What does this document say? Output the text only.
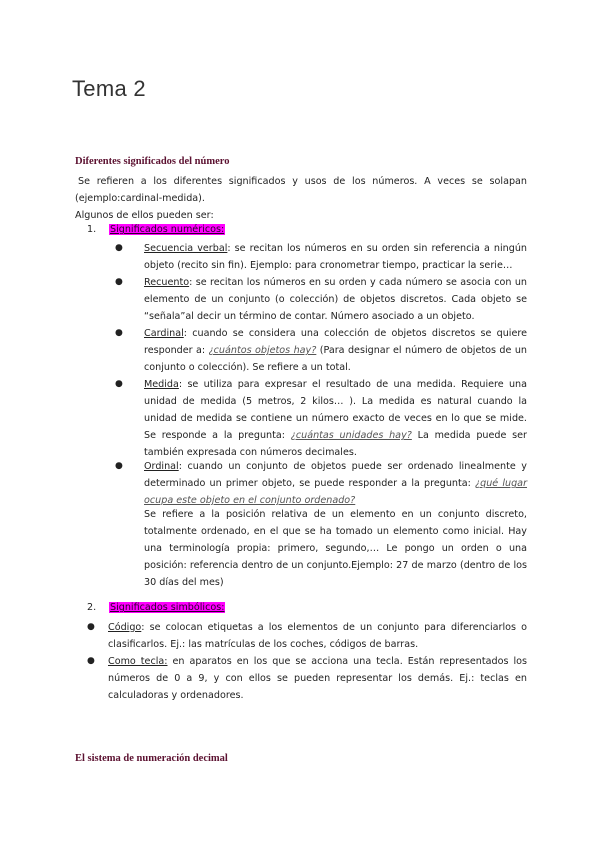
Tema 2
Diferentes significados del número
Se refieren a los diferentes significados y usos de los números. A veces se solapan (ejemplo:cardinal-medida).
Algunos de ellos pueden ser:
1. Significados numéricos:
● Secuencia verbal: se recitan los números en su orden sin referencia a ningún objeto (recito sin fin). Ejemplo: para cronometrar tiempo, practicar la serie…
● Recuento: se recitan los números en su orden y cada número se asocia con un elemento de un conjunto (o colección) de objetos discretos. Cada objeto se “señala”al decir un término de contar. Número asociado a un objeto.
● Cardinal: cuando se considera una colección de objetos discretos se quiere responder a: ¿cuántos objetos hay? (Para designar el número de objetos de un conjunto o colección). Se refiere a un total.
● Medida: se utiliza para expresar el resultado de una medida. Requiere una unidad de medida (5 metros, 2 kilos… ). La medida es natural cuando la unidad de medida se contiene un número exacto de veces en lo que se mide. Se responde a la pregunta: ¿cuántas unidades hay? La medida puede ser también expresada con números decimales.
● Ordinal: cuando un conjunto de objetos puede ser ordenado linealmente y determinado un primer objeto, se puede responder a la pregunta: ¿qué lugar ocupa este objeto en el conjunto ordenado?
Se refiere a la posición relativa de un elemento en un conjunto discreto, totalmente ordenado, en el que se ha tomado un elemento como inicial. Hay una terminología propia: primero, segundo,… Le pongo un orden o una posición: referencia dentro de un conjunto.Ejemplo: 27 de marzo (dentro de los 30 días del mes)
2. Significados simbólicos:
● Código: se colocan etiquetas a los elementos de un conjunto para diferenciarlos o clasificarlos. Ej.: las matrículas de los coches, códigos de barras.
● Como tecla: en aparatos en los que se acciona una tecla. Están representados los números de 0 a 9, y con ellos se pueden representar los demás. Ej.: teclas en calculadoras y ordenadores.
El sistema de numeración decimal
